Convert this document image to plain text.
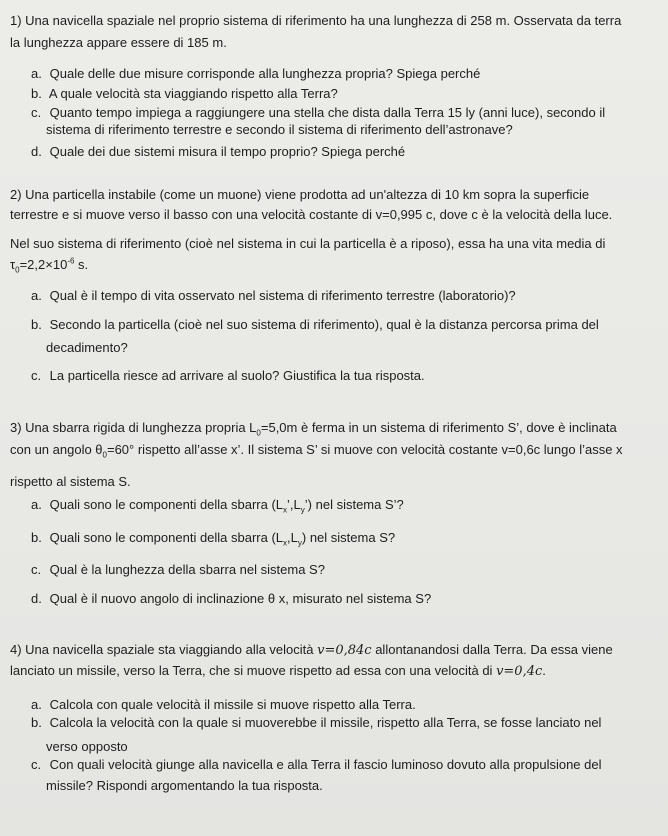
1) Una navicella spaziale nel proprio sistema di riferimento ha una lunghezza di 258 m. Osservata da terra
la lunghezza appare essere di 185 m.
a. Quale delle due misure corrisponde alla lunghezza propria? Spiega perché
b. A quale velocità sta viaggiando rispetto alla Terra?
c. Quanto tempo impiega a raggiungere una stella che dista dalla Terra 15 ly (anni luce), secondo il
sistema di riferimento terrestre e secondo il sistema di riferimento dell’astronave?
d. Quale dei due sistemi misura il tempo proprio? Spiega perché
2) Una particella instabile (come un muone) viene prodotta ad un'altezza di 10 km sopra la superficie
terrestre e si muove verso il basso con una velocità costante di v=0,995 c, dove c è la velocità della luce.
Nel suo sistema di riferimento (cioè nel sistema in cui la particella è a riposo), essa ha una vita media di
$\tau_0=2,2\times 10^{-6}$ s.
a. Qual è il tempo di vita osservato nel sistema di riferimento terrestre (laboratorio)?
b. Secondo la particella (cioè nel suo sistema di riferimento), qual è la distanza percorsa prima del
decadimento?
c. La particella riesce ad arrivare al suolo? Giustifica la tua risposta.
3) Una sbarra rigida di lunghezza propria $L_0=5,0m$ è ferma in un sistema di riferimento S’, dove è inclinata
con un angolo $\theta_0=60^\circ$ rispetto all’asse x’. Il sistema S’ si muove con velocità costante v=0,6c lungo l’asse x
rispetto al sistema S.
a. Quali sono le componenti della sbarra $(L_x’,L_y’)$ nel sistema S’?
b. Quali sono le componenti della sbarra $(L_x,L_y)$ nel sistema S?
c. Qual è la lunghezza della sbarra nel sistema S?
d. Qual è il nuovo angolo di inclinazione θ x, misurato nel sistema S?
4) Una navicella spaziale sta viaggiando alla velocità v=0,84c allontanandosi dalla Terra. Da essa viene
lanciato un missile, verso la Terra, che si muove rispetto ad essa con una velocità di v=0,4c.
a. Calcola con quale velocità il missile si muove rispetto alla Terra.
b. Calcola la velocità con la quale si muoverebbe il missile, rispetto alla Terra, se fosse lanciato nel
verso opposto
c. Con quali velocità giunge alla navicella e alla Terra il fascio luminoso dovuto alla propulsione del
missile? Rispondi argomentando la tua risposta.
